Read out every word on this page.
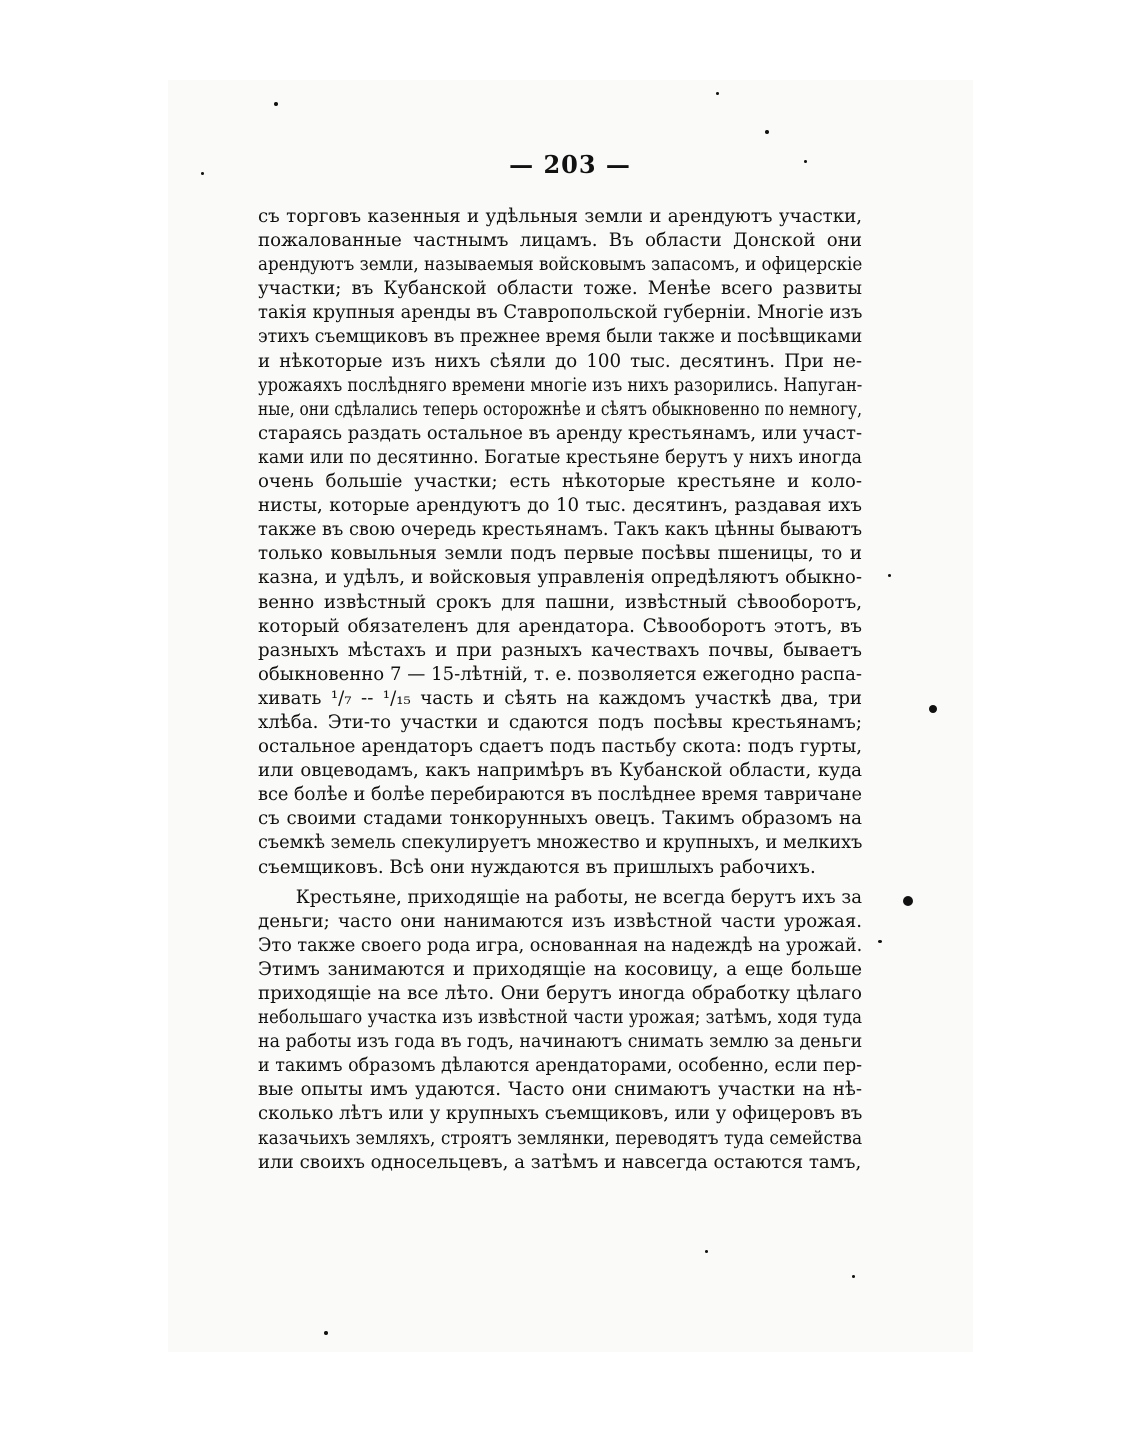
— 203 —
съ торговъ казенныя и удѣльныя земли и арендуютъ участки,
пожалованные частнымъ лицамъ. Въ области Донской они
арендуютъ земли, называемыя войсковымъ запасомъ, и офицерскіе
участки; въ Кубанской области тоже. Менѣе всего развиты
такія крупныя аренды въ Ставропольской губерніи. Многіе изъ
этихъ съемщиковъ въ прежнее время были также и посѣвщиками
и нѣкоторые изъ нихъ сѣяли до 100 тыс. десятинъ. При не-
урожаяхъ послѣдняго времени многіе изъ нихъ разорились. Напуган-
ные, они сдѣлались теперь осторожнѣе и сѣятъ обыкновенно по немногу,
стараясь раздать остальное въ аренду крестьянамъ, или участ-
ками или по десятинно. Богатые крестьяне берутъ у нихъ иногда
очень большіе участки; есть нѣкоторые крестьяне и коло-
нисты, которые арендуютъ до 10 тыс. десятинъ, раздавая ихъ
также въ свою очередь крестьянамъ. Такъ какъ цѣнны бываютъ
только ковыльныя земли подъ первые посѣвы пшеницы, то и
казна, и удѣлъ, и войсковыя управленія опредѣляютъ обыкно-
венно извѣстный срокъ для пашни, извѣстный сѣвооборотъ,
который обязателенъ для арендатора. Сѣвооборотъ этотъ, въ
разныхъ мѣстахъ и при разныхъ качествахъ почвы, бываетъ
обыкновенно 7 — 15-лѣтній, т. е. позволяется ежегодно распа-
хивать ¹/₇ -- ¹/₁₅ часть и сѣять на каждомъ участкѣ два, три
хлѣба. Эти-то участки и сдаются подъ посѣвы крестьянамъ;
остальное арендаторъ сдаетъ подъ пастьбу скота: подъ гурты,
или овцеводамъ, какъ напримѣръ въ Кубанской области, куда
все болѣе и болѣе перебираются въ послѣднее время тавричане
съ своими стадами тонкорунныхъ овецъ. Такимъ образомъ на
съемкѣ земель спекулируетъ множество и крупныхъ, и мелкихъ
съемщиковъ. Всѣ они нуждаются въ пришлыхъ рабочихъ.
Крестьяне, приходящіе на работы, не всегда берутъ ихъ за
деньги; часто они нанимаются изъ извѣстной части урожая.
Это также своего рода игра, основанная на надеждѣ на урожай.
Этимъ занимаются и приходящіе на косовицу, а еще больше
приходящіе на все лѣто. Они берутъ иногда обработку цѣлаго
небольшаго участка изъ извѣстной части урожая; затѣмъ, ходя туда
на работы изъ года въ годъ, начинаютъ снимать землю за деньги
и такимъ образомъ дѣлаются арендаторами, особенно, если пер-
вые опыты имъ удаются. Часто они снимаютъ участки на нѣ-
сколько лѣтъ или у крупныхъ съемщиковъ, или у офицеровъ въ
казачьихъ земляхъ, строятъ землянки, переводятъ туда семейства
или своихъ односельцевъ, а затѣмъ и навсегда остаются тамъ,
